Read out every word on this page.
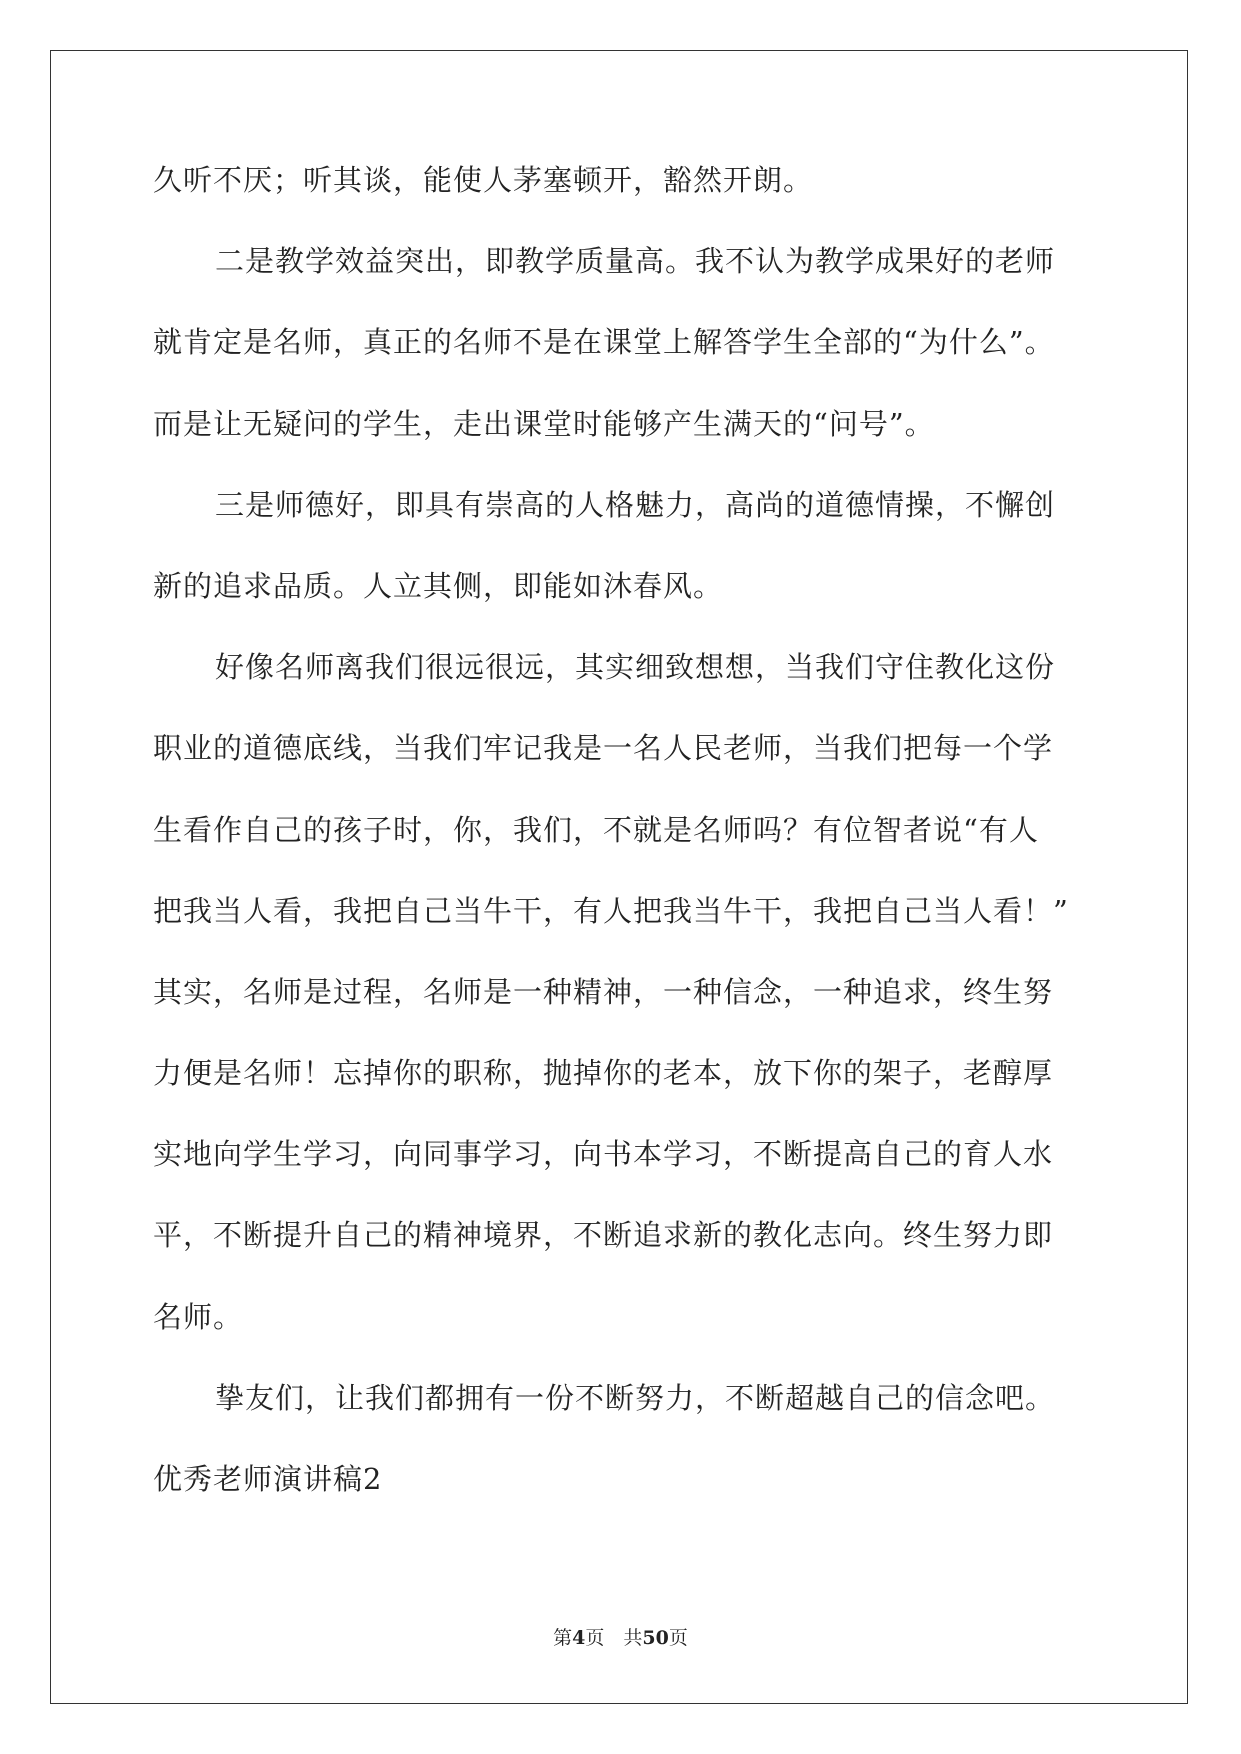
久听不厌；听其谈，能使人茅塞顿开，豁然开朗。
二是教学效益突出，即教学质量高。我不认为教学成果好的老师
就肯定是名师，真正的名师不是在课堂上解答学生全部的“为什么”。
而是让无疑问的学生，走出课堂时能够产生满天的“问号”。
三是师德好，即具有崇高的人格魅力，高尚的道德情操，不懈创
新的追求品质。人立其侧，即能如沐春风。
好像名师离我们很远很远，其实细致想想，当我们守住教化这份
职业的道德底线，当我们牢记我是一名人民老师，当我们把每一个学
生看作自己的孩子时，你，我们，不就是名师吗？有位智者说“有人
把我当人看，我把自己当牛干，有人把我当牛干，我把自己当人看！”
其实，名师是过程，名师是一种精神，一种信念，一种追求，终生努
力便是名师！忘掉你的职称，抛掉你的老本，放下你的架子，老醇厚
实地向学生学习，向同事学习，向书本学习，不断提高自己的育人水
平，不断提升自己的精神境界，不断追求新的教化志向。终生努力即
名师。
挚友们，让我们都拥有一份不断努力，不断超越自己的信念吧。
优秀老师演讲稿2
第4页　共50页
